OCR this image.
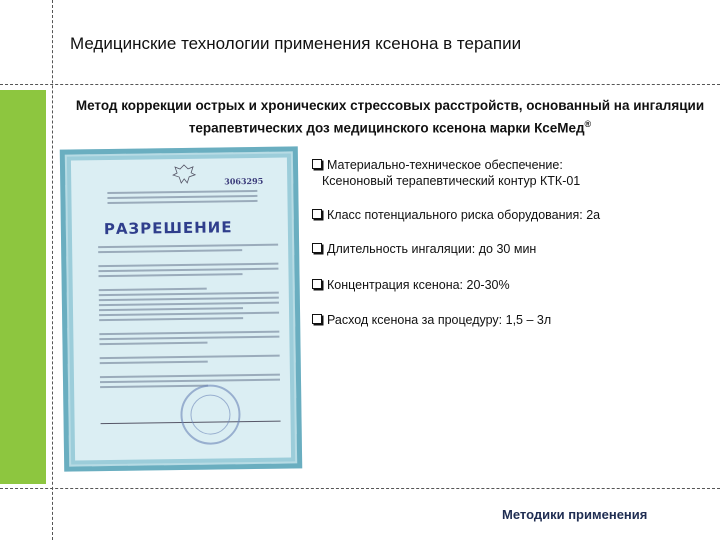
Медицинские технологии применения ксенона в терапии
Метод коррекции острых и хронических стрессовых расстройств, основанный на ингаляции терапевтических доз медицинского ксенона марки КсеМед®
3063295
РАЗРЕШЕНИЕ
Материально-техническое обеспечение:
Ксеноновый терапевтический контур КТК-01
Класс потенциального риска оборудования: 2а
Длительность ингаляции: до 30 мин
Концентрация ксенона: 20-30%
Расход ксенона за процедуру: 1,5 – 3л
Методики применения
